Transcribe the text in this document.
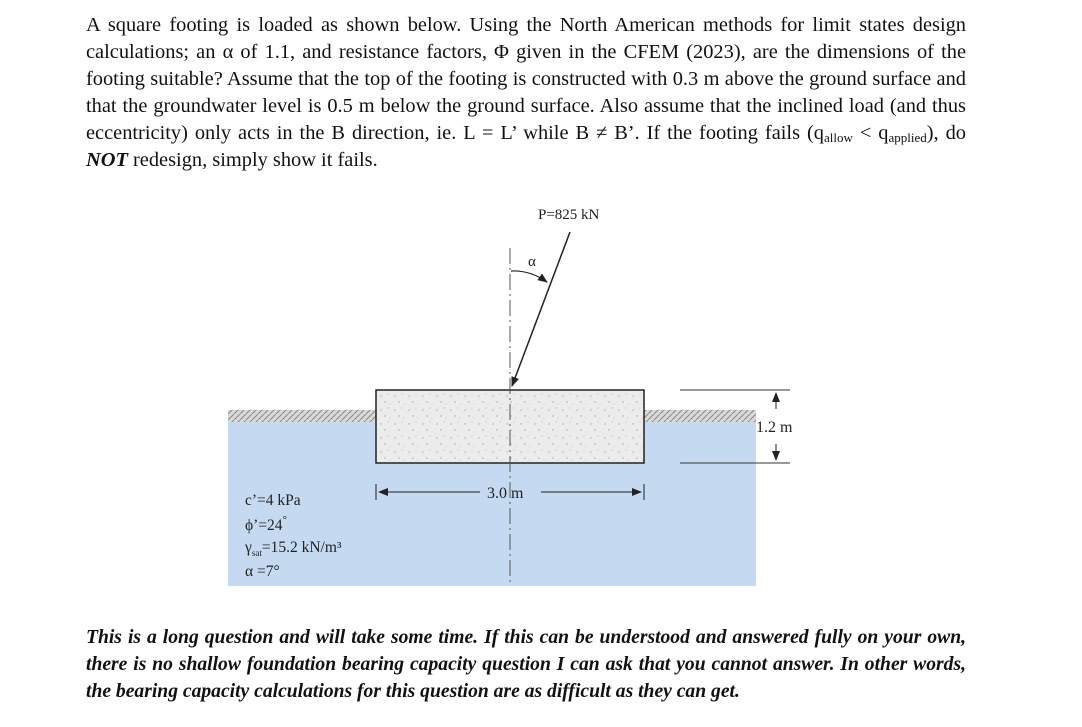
A square footing is loaded as shown below. Using the North American methods for limit states design calculations; an α of 1.1, and resistance factors, Φ given in the CFEM (2023), are the dimensions of the footing suitable? Assume that the top of the footing is constructed with 0.3 m above the ground surface and that the groundwater level is 0.5 m below the ground surface. Also assume that the inclined load (and thus eccentricity) only acts in the B direction, ie. L = L’ while B ≠ B’. If the footing fails $(q_{allow} < q_{applied})$, do NOT redesign, simply show it fails.

P=825 kN
α
1.2 m
3.0 m
c’=4 kPa
ϕ’=24°
$\gamma_{sat}=15.2$ kN/m³
α =7°

This is a long question and will take some time. If this can be understood and answered fully on your own, there is no shallow foundation bearing capacity question I can ask that you cannot answer. In other words, the bearing capacity calculations for this question are as difficult as they can get.
